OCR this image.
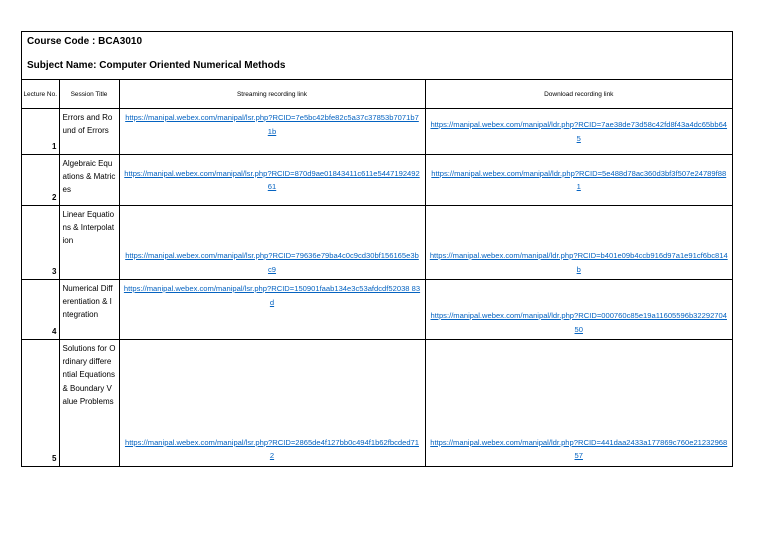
Course Code : BCA3010
Subject Name: Computer Oriented Numerical Methods
Lecture No.	Session Title	Streaming recording link	Download recording link
1	Errors and Round of Errors	https://manipal.webex.com/manipal/lsr.php?RCID=7e5bc42bfe82c5a37c37853b7071b71b	https://manipal.webex.com/manipal/ldr.php?RCID=7ae38de73d58c42fd8f43a4dc65bb645
2	Algebraic Equations & Matrices	https://manipal.webex.com/manipal/lsr.php?RCID=870d9ae01843411c611e544719249261	https://manipal.webex.com/manipal/ldr.php?RCID=5e488d78ac360d3bf3f507e24789f881
3	Linear Equations & Interpolation	https://manipal.webex.com/manipal/lsr.php?RCID=79636e79ba4c0c9cd30bf156165e3bc9	https://manipal.webex.com/manipal/ldr.php?RCID=b401e09b4ccb916d97a1e91cf6bc814b
4	Numerical Differentiation & Integration	https://manipal.webex.com/manipal/lsr.php?RCID=150901faab134e3c53afdcdf52038 83d	https://manipal.webex.com/manipal/ldr.php?RCID=000760c85e19a11605596b3229270450
5	Solutions for Ordinary differential Equations & Boundary Value Problems	https://manipal.webex.com/manipal/lsr.php?RCID=2865de4f127bb0c494f1b62fbcded712	https://manipal.webex.com/manipal/ldr.php?RCID=441daa2433a177869c760e2123296857
